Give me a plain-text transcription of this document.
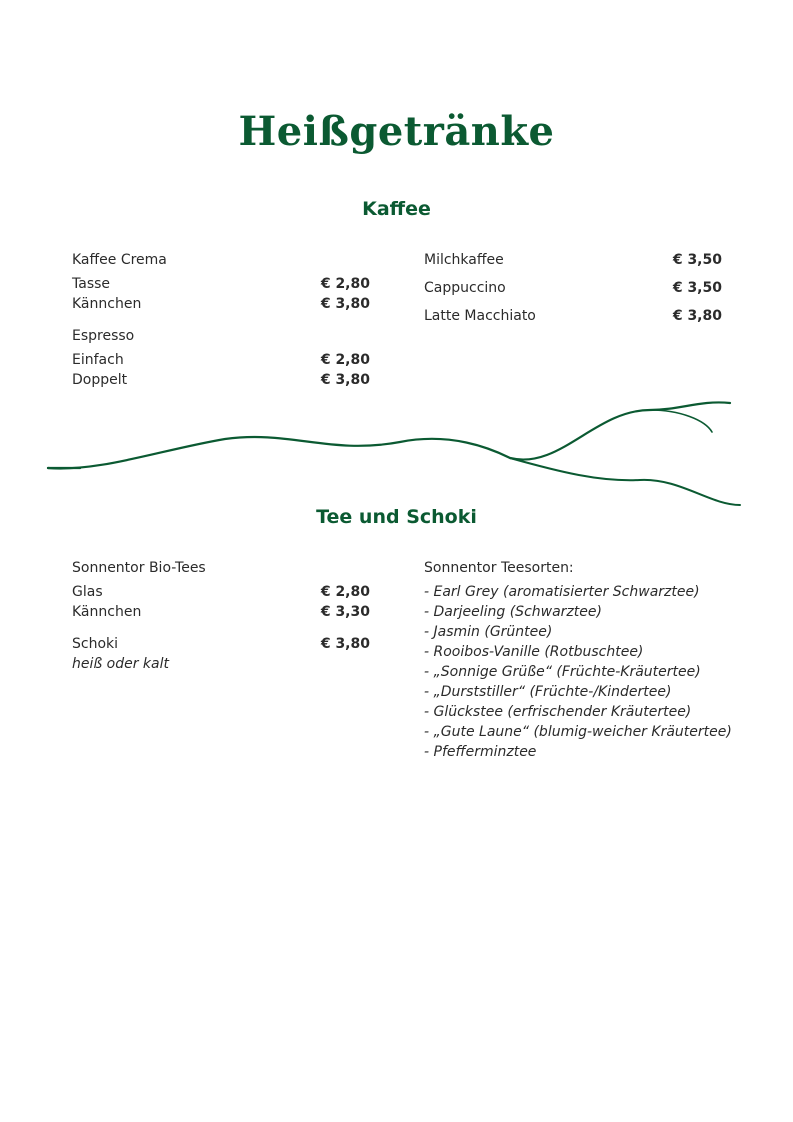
Heißgetränke
Kaffee
Kaffee Crema
Tasse	€ 2,80
Kännchen	€ 3,80
Espresso
Einfach	€ 2,80
Doppelt	€ 3,80
Milchkaffee	€ 3,50
Cappuccino	€ 3,50
Latte Macchiato	€ 3,80
Tee und Schoki
Sonnentor Bio-Tees
Glas	€ 2,80
Kännchen	€ 3,30
Schoki	€ 3,80
heiß oder kalt
Sonnentor Teesorten:
- Earl Grey (aromatisierter Schwarztee)
- Darjeeling (Schwarztee)
- Jasmin (Grüntee)
- Rooibos-Vanille (Rotbuschtee)
- „Sonnige Grüße“ (Früchte-Kräutertee)
- „Durststiller“ (Früchte-/Kindertee)
- Glückstee (erfrischender Kräutertee)
- „Gute Laune“ (blumig-weicher Kräutertee)
- Pfefferminztee
